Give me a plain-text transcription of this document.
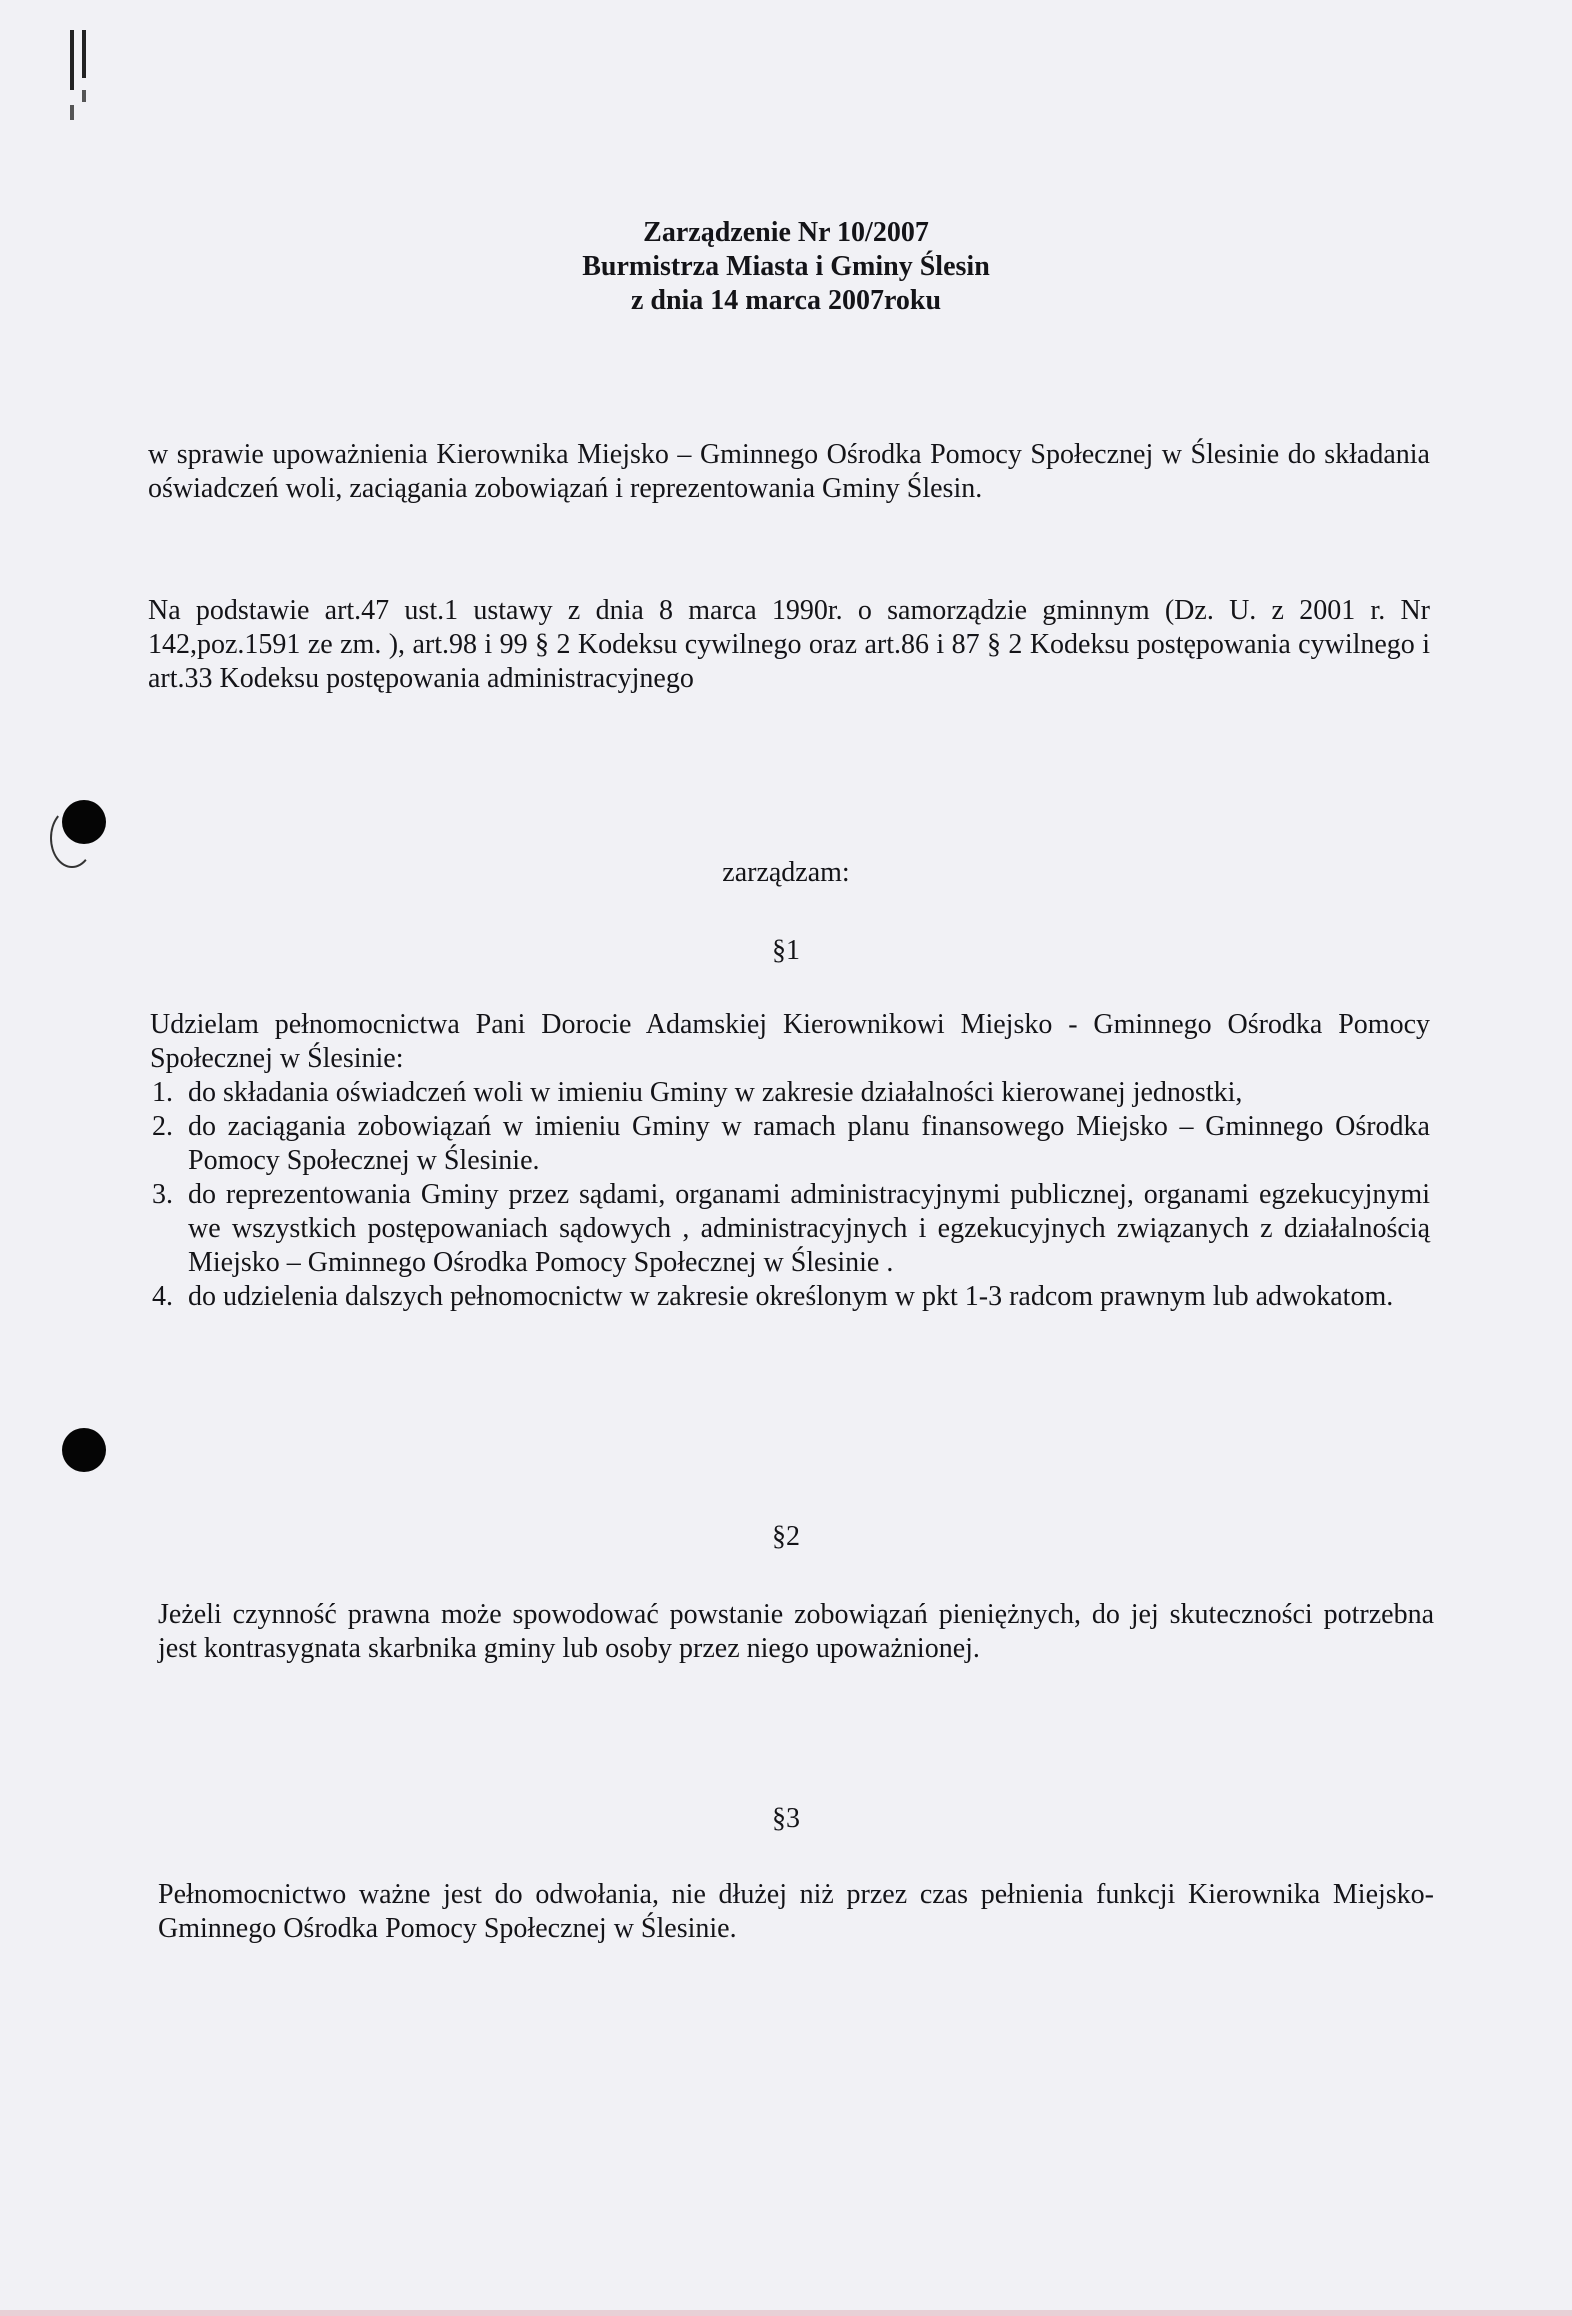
Zarządzenie Nr 10/2007
Burmistrza Miasta i Gminy Ślesin
z dnia 14 marca 2007roku
w sprawie upoważnienia Kierownika Miejsko – Gminnego Ośrodka Pomocy Społecznej w Ślesinie do składania oświadczeń woli, zaciągania zobowiązań i reprezentowania Gminy Ślesin.
Na podstawie art.47 ust.1 ustawy z dnia 8 marca 1990r. o samorządzie gminnym (Dz. U. z 2001 r. Nr 142,poz.1591 ze zm. ), art.98 i 99 § 2 Kodeksu cywilnego oraz art.86 i 87 § 2 Kodeksu postępowania cywilnego i art.33 Kodeksu postępowania administracyjnego
zarządzam:
§1
Udzielam pełnomocnictwa Pani Dorocie Adamskiej Kierownikowi Miejsko - Gminnego Ośrodka Pomocy Społecznej w Ślesinie:
1. do składania oświadczeń woli w imieniu Gminy w zakresie działalności kierowanej jednostki,
2. do zaciągania zobowiązań w imieniu Gminy w ramach planu finansowego Miejsko – Gminnego Ośrodka Pomocy Społecznej w Ślesinie.
3. do reprezentowania Gminy przez sądami, organami administracyjnymi publicznej, organami egzekucyjnymi we wszystkich postępowaniach sądowych , administracyjnych i egzekucyjnych związanych z działalnością Miejsko – Gminnego Ośrodka Pomocy Społecznej w Ślesinie .
4. do udzielenia dalszych pełnomocnictw w zakresie określonym w pkt 1-3 radcom prawnym lub adwokatom.
§2
Jeżeli czynność prawna może spowodować powstanie zobowiązań pieniężnych, do jej skuteczności potrzebna jest kontrasygnata skarbnika gminy lub osoby przez niego upoważnionej.
§3
Pełnomocnictwo ważne jest do odwołania, nie dłużej niż przez czas pełnienia funkcji Kierownika Miejsko-Gminnego Ośrodka Pomocy Społecznej w Ślesinie.
